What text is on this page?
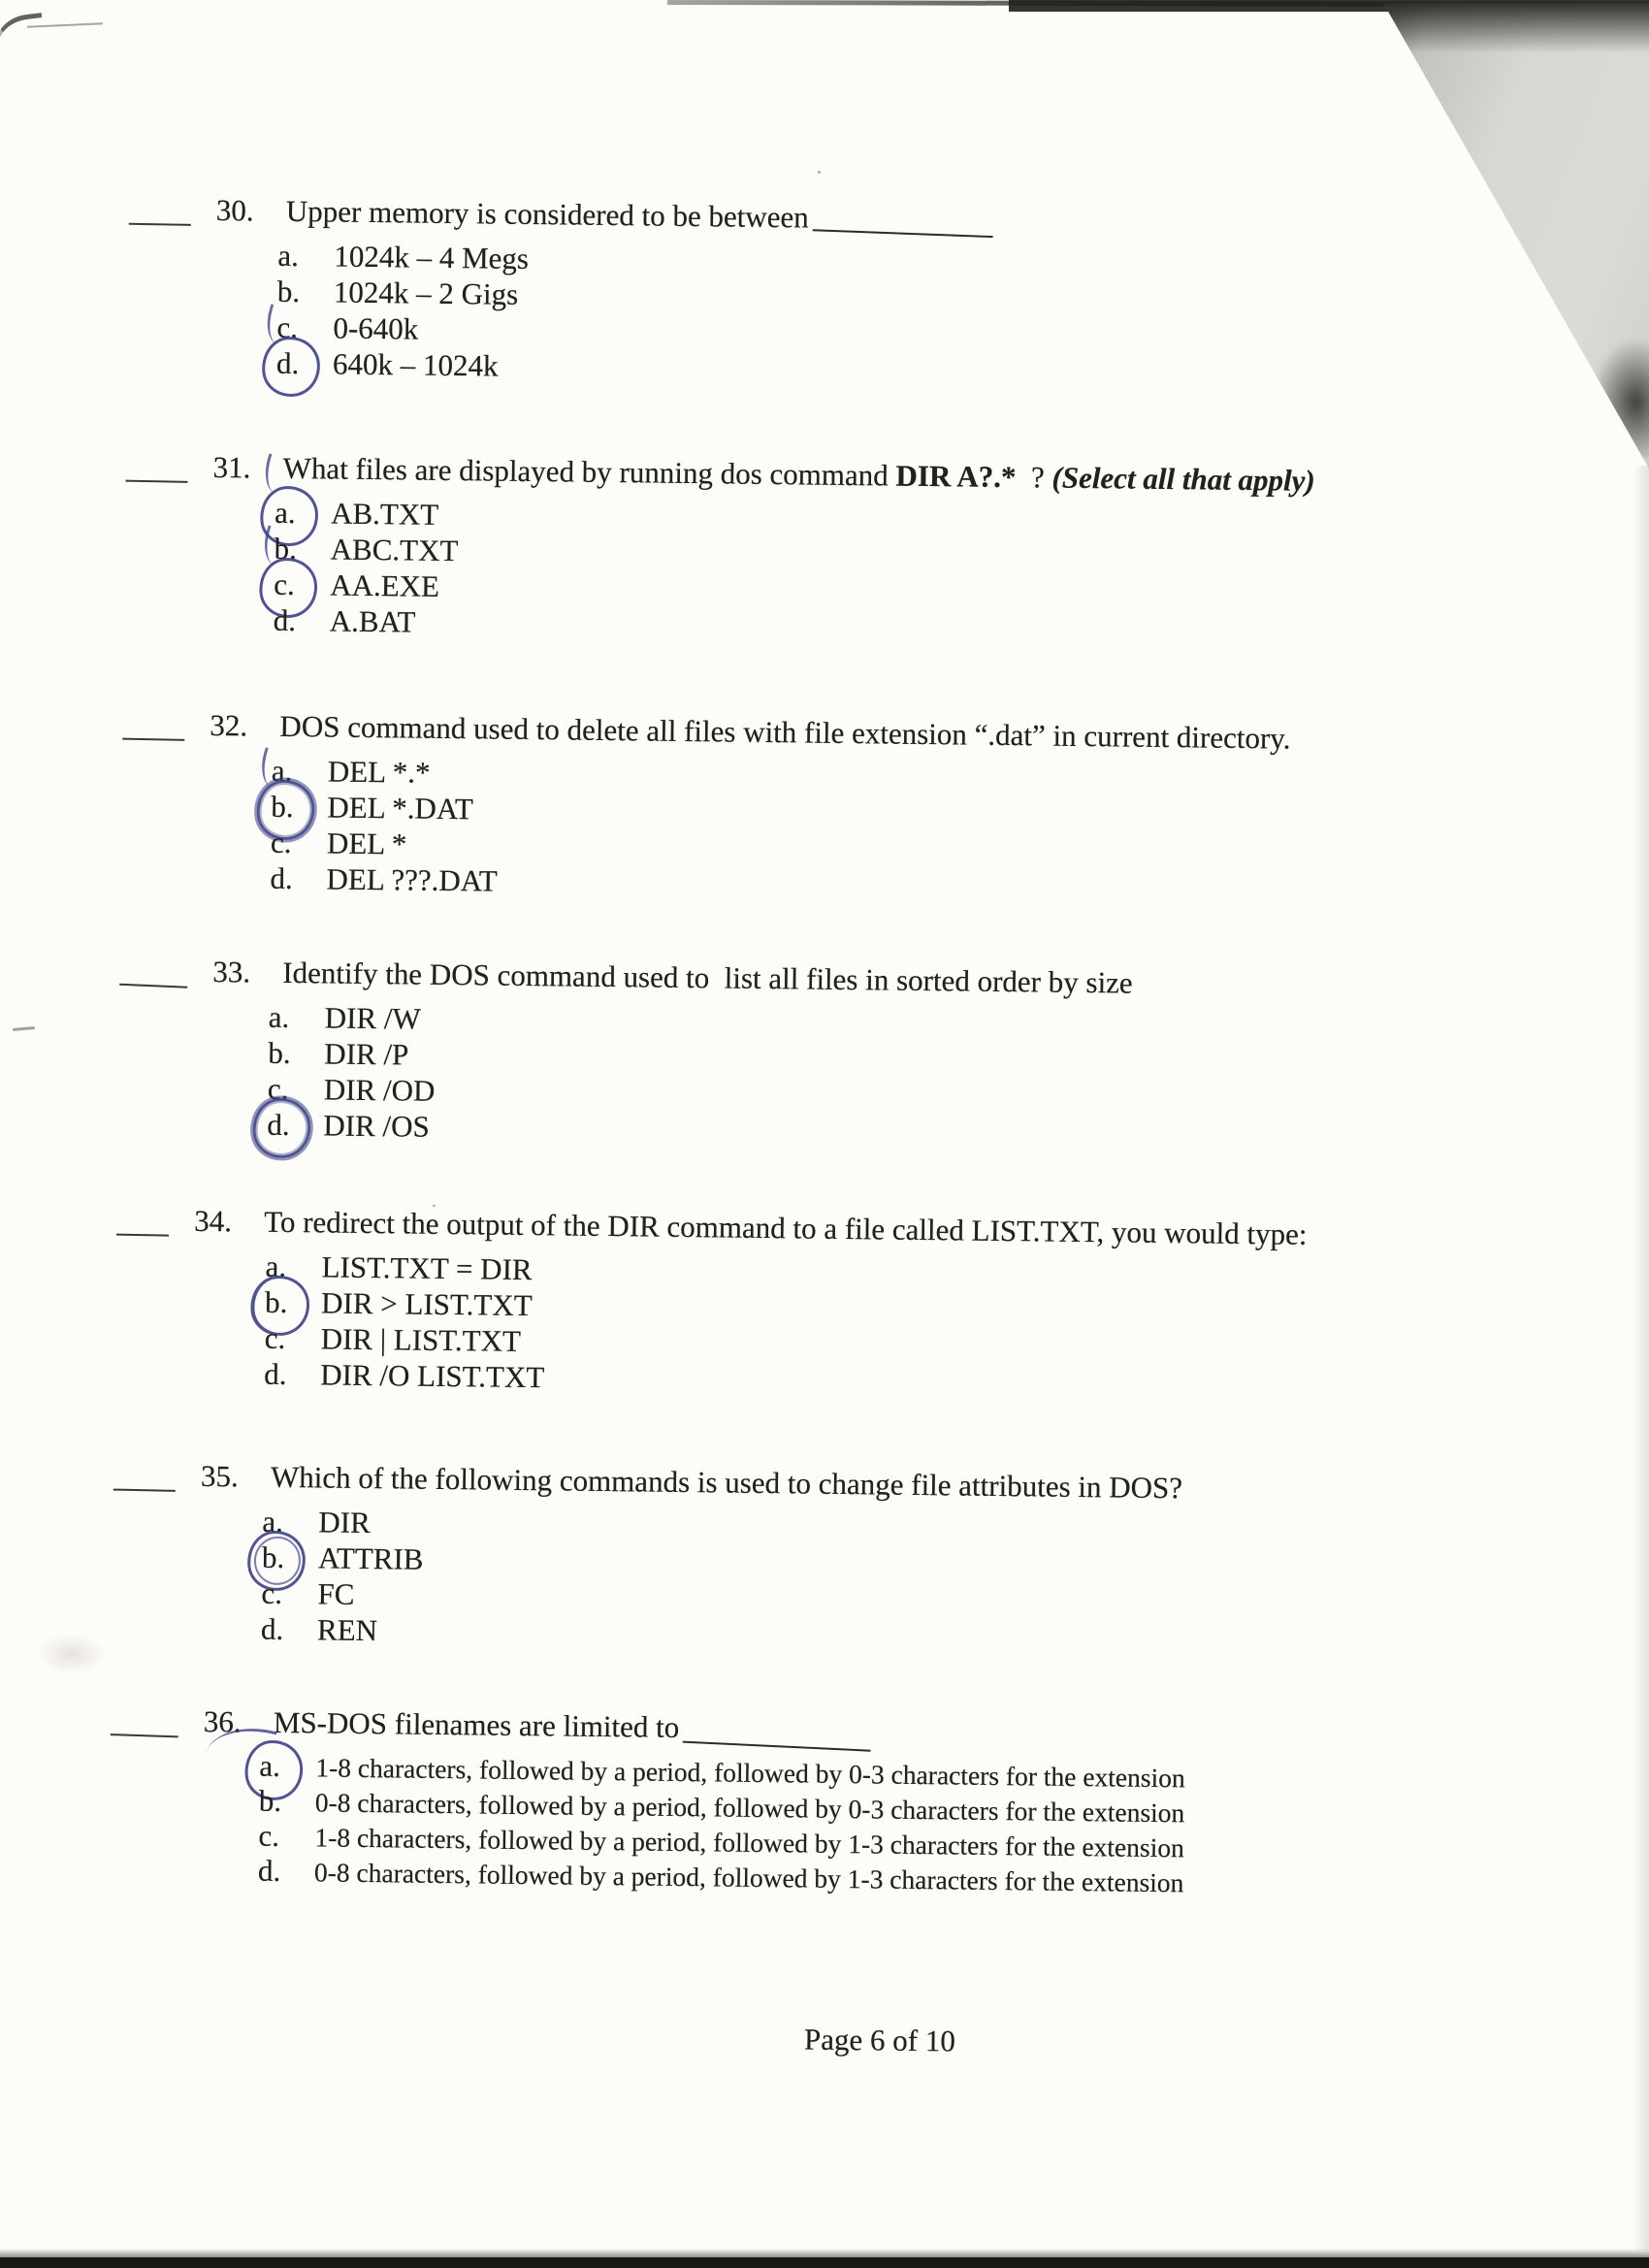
30.	Upper memory is considered to be between
a.	1024k – 4 Megs
b.	1024k – 2 Gigs
c.	0-640k
d.	640k – 1024k
31.	What files are displayed by running dos command DIR A?.*  ? (Select all that apply)
a.	AB.TXT
b.	ABC.TXT
c.	AA.EXE
d.	A.BAT
32.	DOS command used to delete all files with file extension “.dat” in current directory.
a.	DEL *.*
b.	DEL *.DAT
c.	DEL *
d.	DEL ???.DAT
33.	Identify the DOS command used to  list all files in sorted order by size
a.	DIR /W
b.	DIR /P
c.	DIR /OD
d.	DIR /OS
34.	To redirect the output of the DIR command to a file called LIST.TXT, you would type:
a.	LIST.TXT = DIR
b.	DIR > LIST.TXT
c.	DIR | LIST.TXT
d.	DIR /O LIST.TXT
35.	Which of the following commands is used to change file attributes in DOS?
a.	DIR
b.	ATTRIB
c.	FC
d.	REN
36.	MS-DOS filenames are limited to
a.	1-8 characters, followed by a period, followed by 0-3 characters for the extension
b.	0-8 characters, followed by a period, followed by 0-3 characters for the extension
c.	1-8 characters, followed by a period, followed by 1-3 characters for the extension
d.	0-8 characters, followed by a period, followed by 1-3 characters for the extension
Page 6 of 10
